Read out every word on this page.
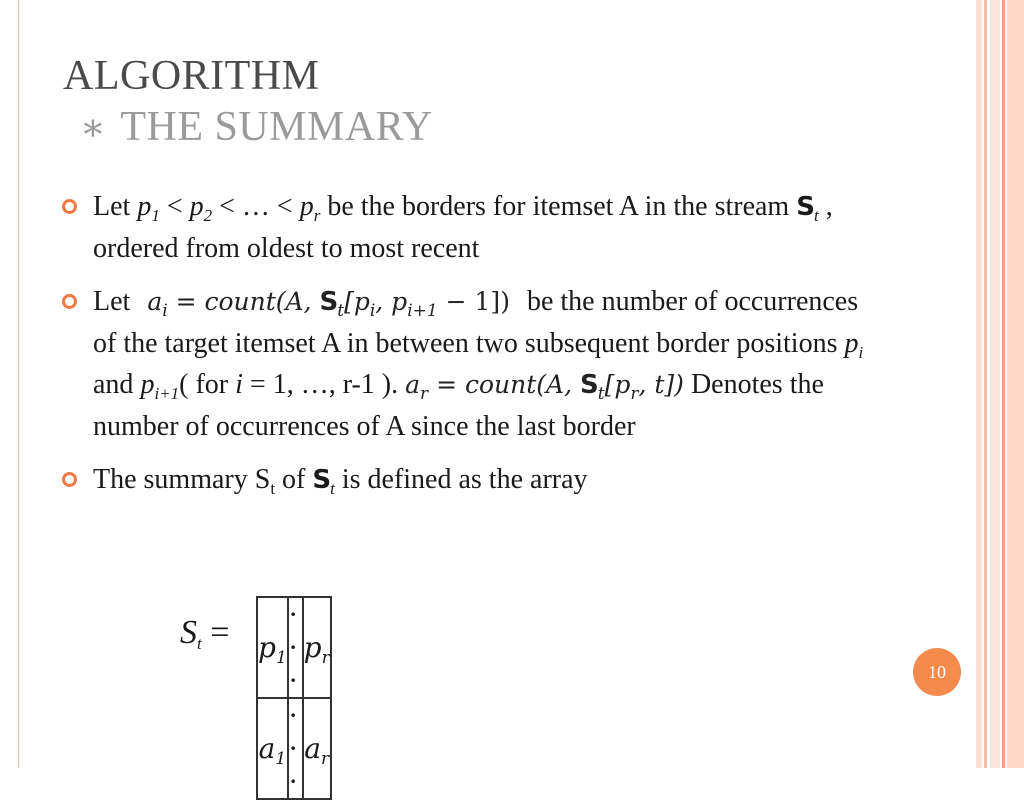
ALGORITHM
∗ THE SUMMARY
Let $p_1 < p_2$ < … < $p_r$ be the borders for itemset A in the stream $S_t$ , ordered from oldest to most recent
Let $a_i$ = count(A, $S_t[p_i$, $p_{i+1} - 1$]) be the number of occurrences of the target itemset A in between two subsequent border positions $p_i$ and $p_{i+1}$( for i = 1, …, r-1 ). $a_r$ = count(A, $S_t[p_r$, t]) Denotes the number of occurrences of A since the last border
The summary $S_t$ of $S_t$ is defined as the array
$S_t = p_1$	· · ·	$p_r$
$a_1$	· · ·	$a_r$
10
